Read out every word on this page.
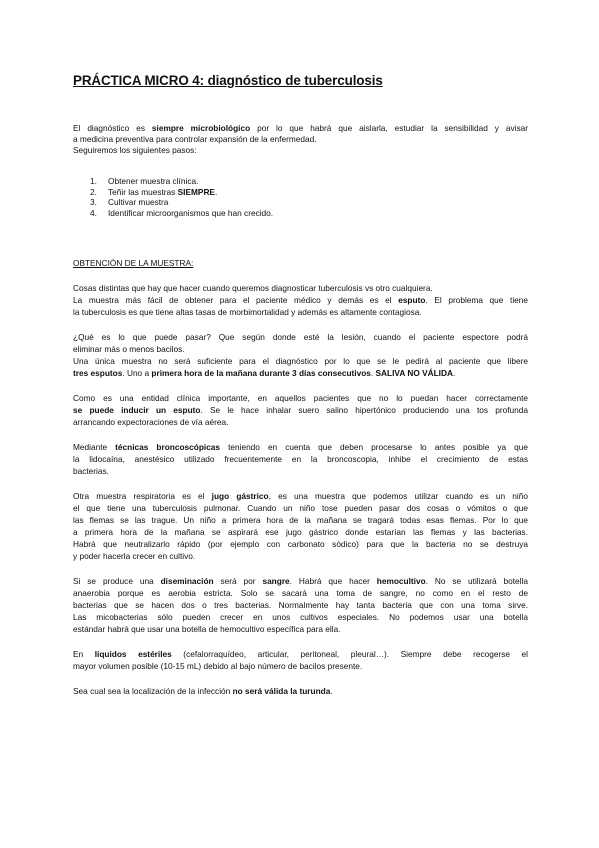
PRÁCTICA MICRO 4: diagnóstico de tuberculosis
El diagnóstico es siempre microbiológico por lo que habrá que aislarla, estudiar la sensibilidad y avisar
a medicina preventiva para controlar expansión de la enfermedad.
Seguiremos los siguientes pasos:
1. Obtener muestra clínica.
2. Teñir las muestras SIEMPRE.
3. Cultivar muestra
4. Identificar microorganismos que han crecido.
OBTENCIÓN DE LA MUESTRA:
Cosas distintas que hay que hacer cuando queremos diagnosticar tuberculosis vs otro cualquiera.
La muestra más fácil de obtener para el paciente médico y demás es el esputo. El problema que tiene
la tuberculosis es que tiene altas tasas de morbimortalidad y además es altamente contagiosa.
¿Qué es lo que puede pasar? Que según donde esté la lesión, cuando el paciente espectore podrá
eliminar más o menos bacilos.
Una única muestra no será suficiente para el diagnóstico por lo que se le pedirá al paciente que libere
tres esputos. Uno a primera hora de la mañana durante 3 días consecutivos. SALIVA NO VÁLIDA.
Como es una entidad clínica importante, en aquellos pacientes que no lo puedan hacer correctamente
se puede inducir un esputo. Se le hace inhalar suero salino hipertónico produciendo una tos profunda
arrancando expectoraciones de vía aérea.
Mediante técnicas broncoscópicas teniendo en cuenta que deben procesarse lo antes posible ya que
la lidocaína, anestésico utilizado frecuentemente en la broncoscopia, inhibe el crecimiento de estas
bacterias.
Otra muestra respiratoria es el jugo gástrico, es una muestra que podemos utilizar cuando es un niño
el que tiene una tuberculosis pulmonar. Cuando un niño tose pueden pasar dos cosas o vómitos o que
las flemas se las trague. Un niño a primera hora de la mañana se tragará todas esas flemas. Por lo que
a primera hora de la mañana se aspirará ese jugo gástrico donde estarían las flemas y las bacterias.
Habrá que neutralizarlo rápido (por ejemplo con carbonato sódico) para que la bacteria no se destruya
y poder hacerla crecer en cultivo.
Si se produce una diseminación será por sangre. Habrá que hacer hemocultivo. No se utilizará botella
anaerobia porque es aerobia estricta. Solo se sacará una toma de sangre, no como en el resto de
bacterias que se hacen dos o tres bacterias. Normalmente hay tanta bacteria que con una toma sirve.
Las micobacterias sólo pueden crecer en unos cultivos especiales. No podemos usar una botella
estándar habrá que usar una botella de hemocultivo específica para ella.
En líquidos estériles (cefalorraquídeo, articular, peritoneal, pleural…). Siempre debe recogerse el
mayor volumen posible (10-15 mL) debido al bajo número de bacilos presente.
Sea cual sea la localización de la infección no será válida la turunda.
